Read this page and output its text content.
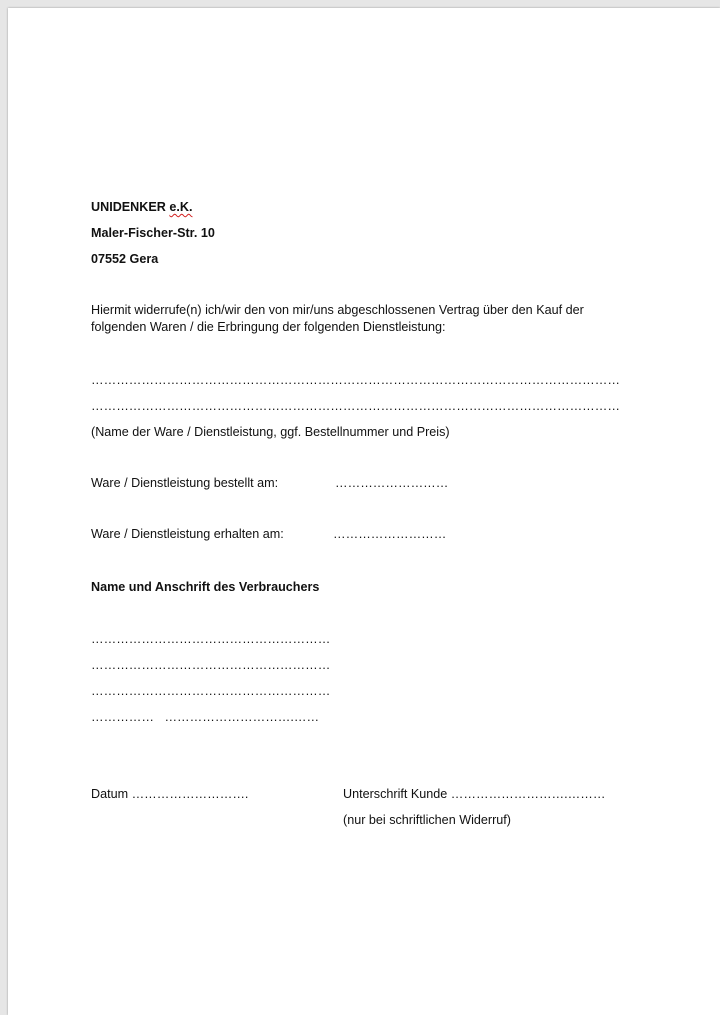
UNIDENKER e.K.
Maler-Fischer-Str. 10
07552 Gera
Hiermit widerrufe(n) ich/wir den von mir/uns abgeschlossenen Vertrag über den Kauf der
folgenden Waren / die Erbringung der folgenden Dienstleistung:
………………………………………………………………………………………………………………
………………………………………………………………………………………………………………
(Name der Ware / Dienstleistung, ggf. Bestellnummer und Preis)
Ware / Dienstleistung bestellt am:	………………………
Ware / Dienstleistung erhalten am:	………………………
Name und Anschrift des Verbrauchers
…………………………………………………
…………………………………………………
…………………………………………………
……………   ………………………….……
Datum ……………………….	Unterschrift Kunde ……………………….………
(nur bei schriftlichen Widerruf)
